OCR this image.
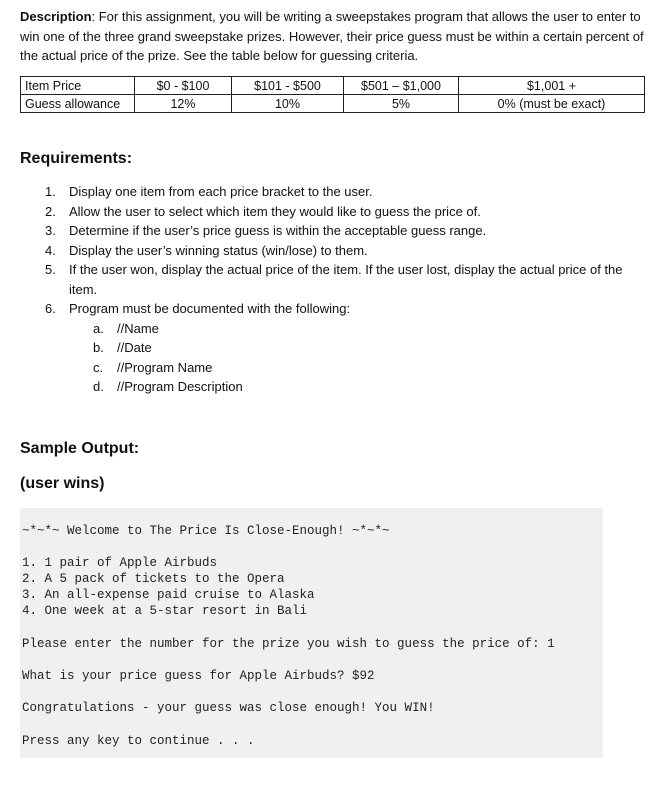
Description: For this assignment, you will be writing a sweepstakes program that allows the user to enter to win one of the three grand sweepstake prizes. However, their price guess must be within a certain percent of the actual price of the prize. See the table below for guessing criteria.

Item Price	$0 - $100	$101 - $500	$501 – $1,000	$1,001 +
Guess allowance	12%	10%	5%	0% (must be exact)
Requirements:
1. Display one item from each price bracket to the user.
2. Allow the user to select which item they would like to guess the price of.
3. Determine if the user’s price guess is within the acceptable guess range.
4. Display the user’s winning status (win/lose) to them.
5. If the user won, display the actual price of the item. If the user lost, display the actual price of the item.
6. Program must be documented with the following:
a. //Name
b. //Date
c. //Program Name
d. //Program Description
Sample Output:
(user wins)
~*~*~ Welcome to The Price Is Close-Enough! ~*~*~
1. 1 pair of Apple Airbuds
2. A 5 pack of tickets to the Opera
3. An all-expense paid cruise to Alaska
4. One week at a 5-star resort in Bali
Please enter the number for the prize you wish to guess the price of: 1
What is your price guess for Apple Airbuds? $92
Congratulations - your guess was close enough! You WIN!
Press any key to continue . . .
